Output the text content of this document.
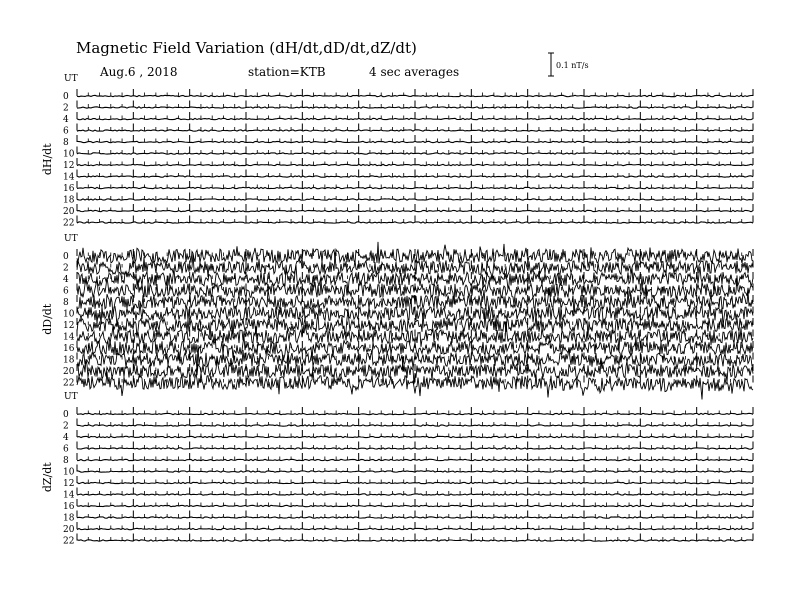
Magnetic Field Variation (dH/dt,dD/dt,dZ/dt)
Aug.6 , 2018	station=KTB	4 sec averages	0.1 nT/s
UT
dH/dt
0
2
4
6
8
10
12
14
16
18
20
22
UT
dD/dt
0
2
4
6
8
10
12
14
16
18
20
22
UT
dZ/dt
0
2
4
6
8
10
12
14
16
18
20
22
